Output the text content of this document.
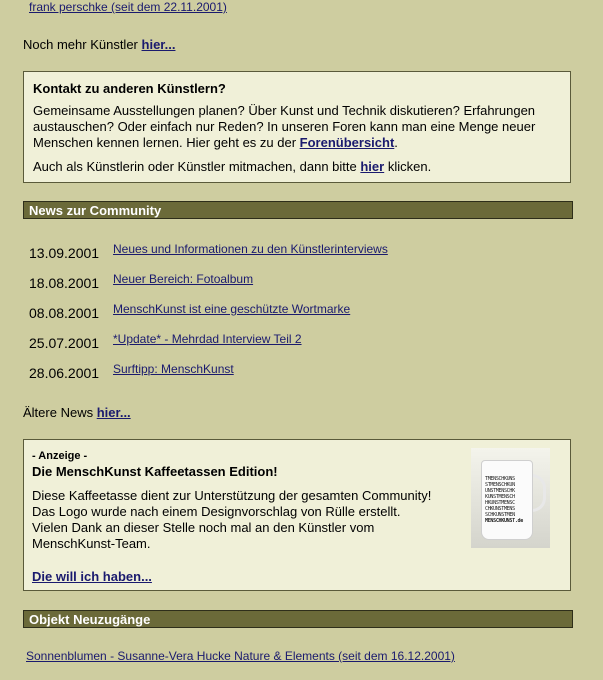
frank perschke (seit dem 22.11.2001)
Noch mehr Künstler hier...
Kontakt zu anderen Künstlern?
Gemeinsame Ausstellungen planen? Über Kunst und Technik diskutieren? Erfahrungen
austauschen? Oder einfach nur Reden? In unseren Foren kann man eine Menge neuer
Menschen kennen lernen. Hier geht es zu der Forenübersicht.
Auch als Künstlerin oder Künstler mitmachen, dann bitte hier klicken.
News zur Community
13.09.2001 Neues und Informationen zu den Künstlerinterviews
18.08.2001 Neuer Bereich: Fotoalbum
08.08.2001 MenschKunst ist eine geschützte Wortmarke
25.07.2001 *Update* - Mehrdad Interview Teil 2
28.06.2001 Surftipp: MenschKunst
Ältere News hier...
- Anzeige -
Die MenschKunst Kaffeetassen Edition!
Diese Kaffeetasse dient zur Unterstützung der gesamten Community!
Das Logo wurde nach einem Designvorschlag von Rülle erstellt.
Vielen Dank an dieser Stelle noch mal an den Künstler vom
MenschKunst-Team.
Die will ich haben...
TMENSCHKUNS
STMENSCHKUN
UNSTMENSCHK
KUNSTMENSCH
HKUNSTMENSC
CHKUNSTMENS
SCHKUNSTMEN
MENSCHKUNST.de
Objekt Neuzugänge
Sonnenblumen - Susanne-Vera Hucke Nature & Elements (seit dem 16.12.2001)
